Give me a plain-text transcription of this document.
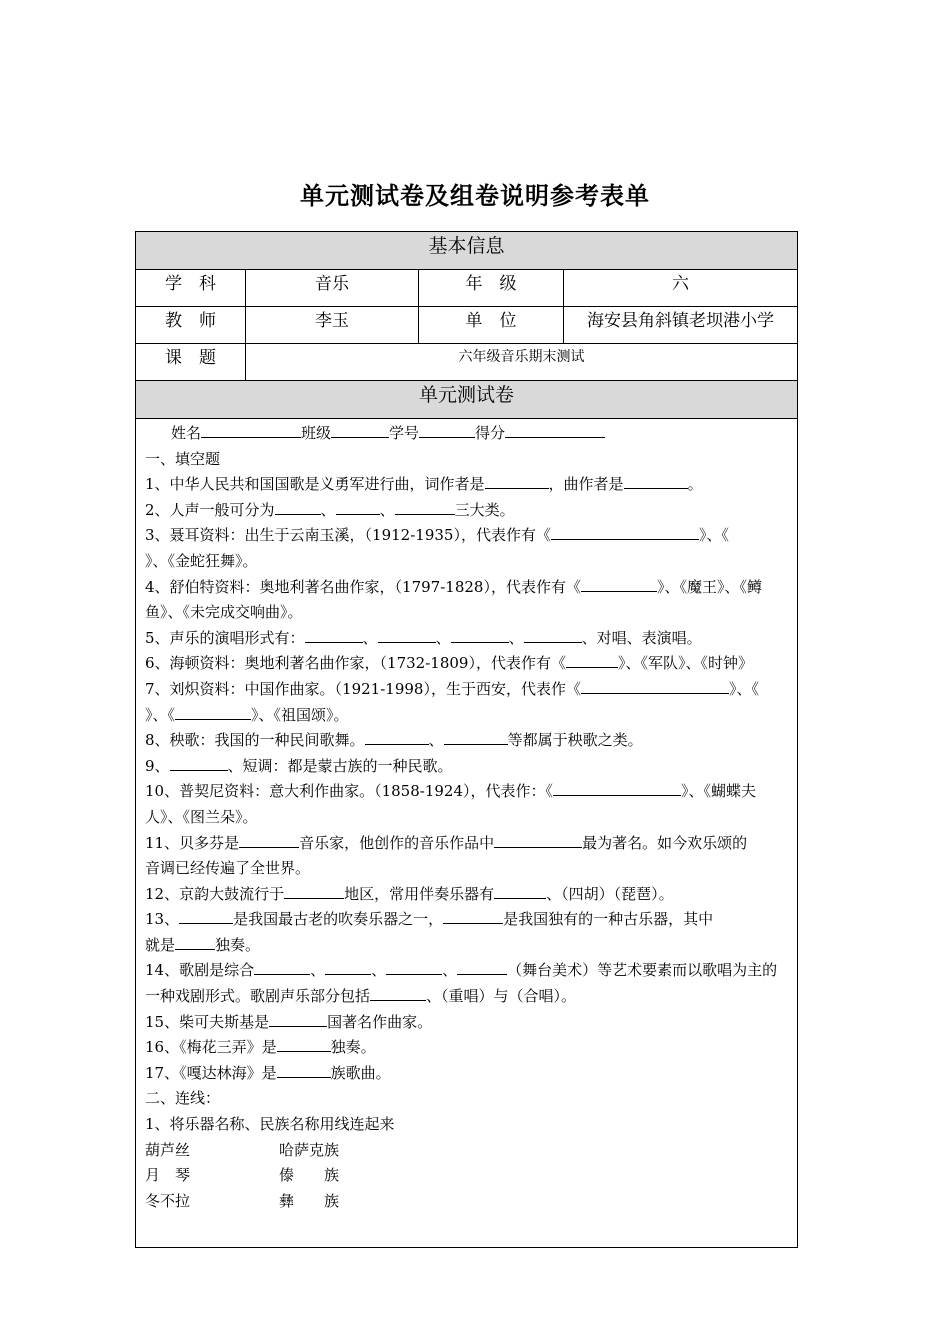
单元测试卷及组卷说明参考表单
基本信息
学　科	音乐	年　级	六
教　师	李玉	单　位	海安县角斜镇老坝港小学
课　题	六年级音乐期末测试
单元测试卷
姓名	班级	学号	得分
一、填空题
1、中华人民共和国国歌是义勇军进行曲，词作者是	，曲作者是	。
2、人声一般可分为	、	、	三大类。
3、聂耳资料：出生于云南玉溪，（1912-1935），代表作有《	》、《
》、《金蛇狂舞》。
4、舒伯特资料：奥地利著名曲作家，（1797-1828），代表作有《	》、《魔王》、《鳟
鱼》、《未完成交响曲》。
5、声乐的演唱形式有：	、	、	、	、对唱、表演唱。
6、海顿资料：奥地利著名曲作家，（1732-1809），代表作有《	》、《军队》、《时钟》
7、刘炽资料：中国作曲家。（1921-1998），生于西安，代表作《	》、《
》、《	》、《祖国颂》。
8、秧歌：我国的一种民间歌舞。	、	等都属于秧歌之类。
9、	、短调：都是蒙古族的一种民歌。
10、普契尼资料：意大利作曲家。（1858-1924），代表作：《	》、《蝴蝶夫
人》、《图兰朵》。
11、贝多芬是	音乐家，他创作的音乐作品中	最为著名。如今欢乐颂的
音调已经传遍了全世界。
12、京韵大鼓流行于	地区，常用伴奏乐器有	、（四胡）（琵琶）。
13、	是我国最古老的吹奏乐器之一，	是我国独有的一种古乐器，其中
就是	独奏。
14、歌剧是综合	、	、	、	（舞台美术）等艺术要素而以歌唱为主的
一种戏剧形式。歌剧声乐部分包括	、（重唱）与（合唱）。
15、柴可夫斯基是	国著名作曲家。
16、《梅花三弄》是	独奏。
17、《嘎达林海》是	族歌曲。
二、连线：
1、将乐器名称、民族名称用线连起来
葫芦丝	哈萨克族
月　琴	傣　　族
冬不拉	彝　　族
